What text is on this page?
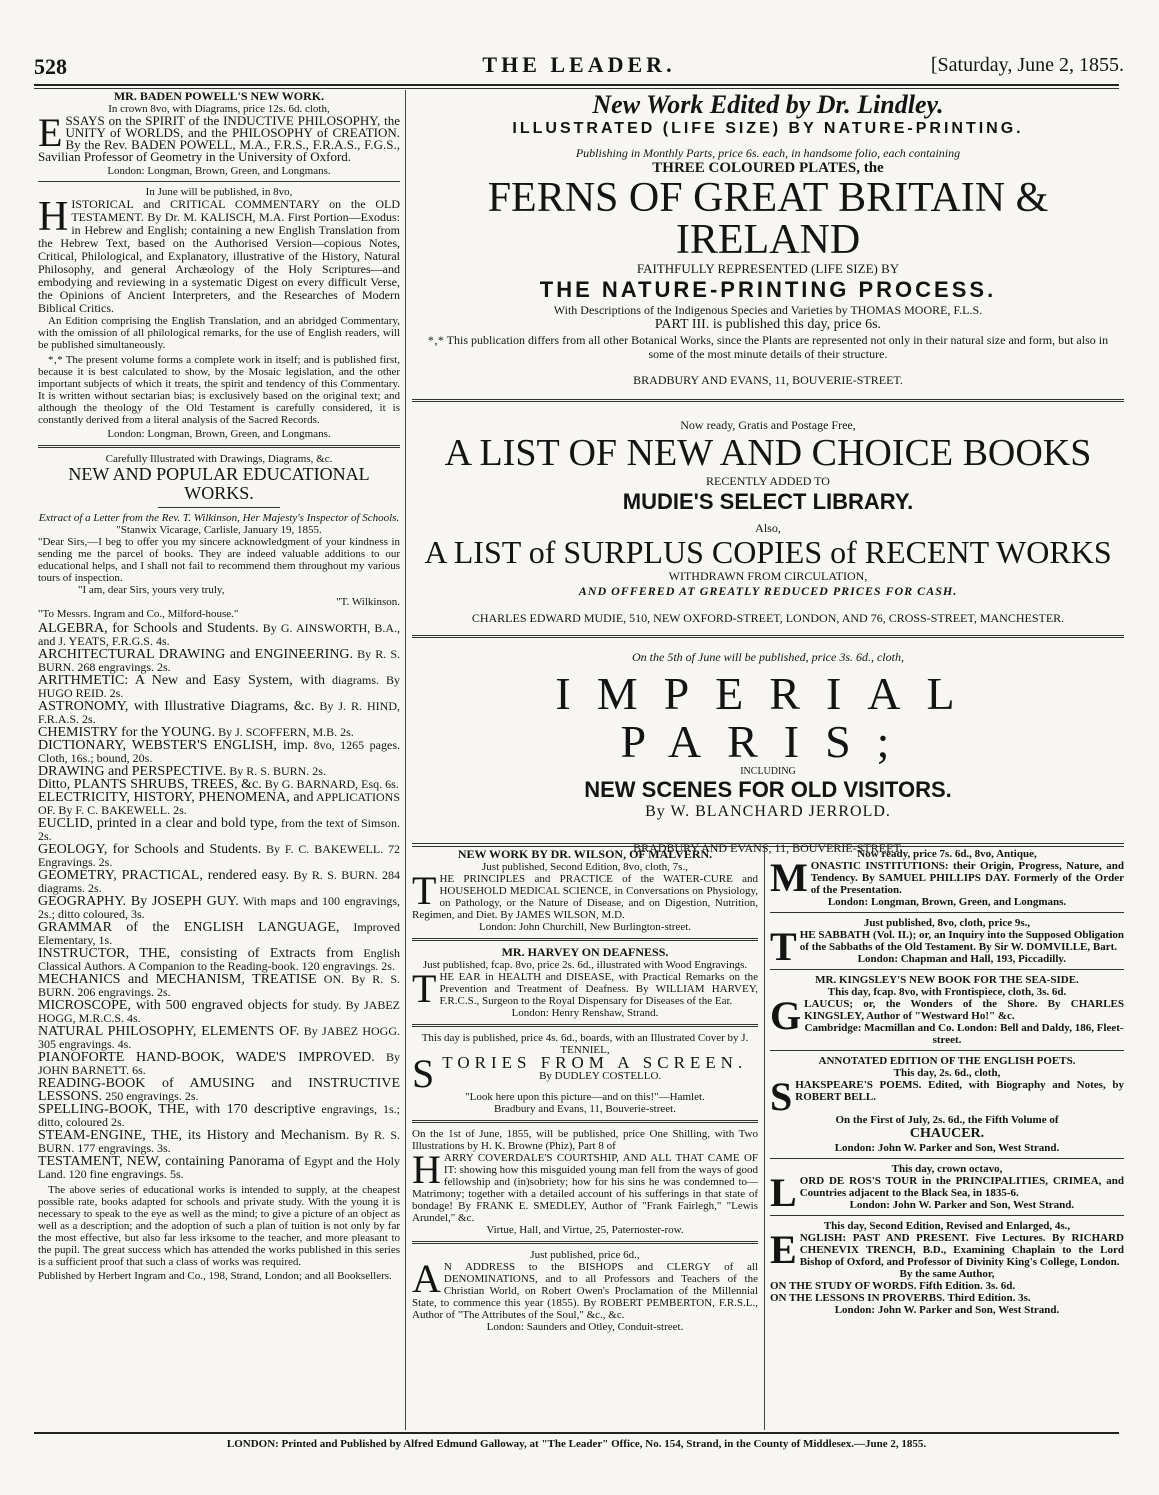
528	THE LEADER.	[Saturday, June 2, 1855.

MR. BADEN POWELL'S NEW WORK.

In crown 8vo, with Diagrams, price 12s. 6d. cloth,

ESSAYS on the SPIRIT of the INDUCTIVE PHILOSOPHY, the UNITY of WORLDS, and the PHILOSOPHY of CREATION. By the Rev. BADEN POWELL, M.A., F.R.S., F.R.A.S., F.G.S., Savilian Professor of Geometry in the University of Oxford.

London: Longman, Brown, Green, and Longmans.

In June will be published, in 8vo,

HISTORICAL and CRITICAL COMMENTARY on the OLD TESTAMENT. By Dr. M. KALISCH, M.A. First Portion—Exodus: in Hebrew and English; containing a new English Translation from the Hebrew Text, based on the Authorised Version—copious Notes, Critical, Philological, and Explanatory, illustrative of the History, Natural Philosophy, and general Archæology of the Holy Scriptures—and embodying and reviewing in a systematic Digest on every difficult Verse, the Opinions of Ancient Interpreters, and the Researches of Modern Biblical Critics.

An Edition comprising the English Translation, and an abridged Commentary, with the omission of all philological remarks, for the use of English readers, will be published simultaneously.

*‚* The present volume forms a complete work in itself; and is published first, because it is best calculated to show, by the Mosaic legislation, and the other important subjects of which it treats, the spirit and tendency of this Commentary. It is written without sectarian bias; is exclusively based on the original text; and although the theology of the Old Testament is carefully considered, it is constantly derived from a literal analysis of the Sacred Records.

London: Longman, Brown, Green, and Longmans.

Carefully Illustrated with Drawings, Diagrams, &c.

NEW AND POPULAR EDUCATIONAL WORKS.

Extract of a Letter from the Rev. T. Wilkinson, Her Majesty's Inspector of Schools.

"Stanwix Vicarage, Carlisle, January 19, 1855.

"Dear Sirs,—I beg to offer you my sincere acknowledgment of your kindness in sending me the parcel of books. They are indeed valuable additions to our educational helps, and I shall not fail to recommend them throughout my various tours of inspection.

"I am, dear Sirs, yours very truly,

"T. Wilkinson.

"To Messrs. Ingram and Co., Milford-house."

ALGEBRA, for Schools and Students. By G. AINSWORTH, B.A., and J. YEATS, F.R.G.S. 4s.

ARCHITECTURAL DRAWING and ENGINEERING. By R. S. BURN. 268 engravings. 2s.

ARITHMETIC: A New and Easy System, with diagrams. By HUGO REID. 2s.

ASTRONOMY, with Illustrative Diagrams, &c. By J. R. HIND, F.R.A.S. 2s.

CHEMISTRY for the YOUNG. By J. SCOFFERN, M.B. 2s.

DICTIONARY, WEBSTER'S ENGLISH, imp. 8vo, 1265 pages. Cloth, 16s.; bound, 20s.

DRAWING and PERSPECTIVE. By R. S. BURN. 2s.

Ditto, PLANTS SHRUBS, TREES, &c. By G. BARNARD, Esq. 6s.

ELECTRICITY, HISTORY, PHENOMENA, and APPLICATIONS OF. By F. C. BAKEWELL. 2s.

EUCLID, printed in a clear and bold type, from the text of Simson. 2s.

GEOLOGY, for Schools and Students. By F. C. BAKEWELL. 72 Engravings. 2s.

GEOMETRY, PRACTICAL, rendered easy. By R. S. BURN. 284 diagrams. 2s.

GEOGRAPHY. By JOSEPH GUY. With maps and 100 engravings, 2s.; ditto coloured, 3s.

GRAMMAR of the ENGLISH LANGUAGE, Improved Elementary, 1s.

INSTRUCTOR, THE, consisting of Extracts from English Classical Authors. A Companion to the Reading-book. 120 engravings. 2s.

MECHANICS and MECHANISM, TREATISE ON. By R. S. BURN. 206 engravings. 2s.

MICROSCOPE, with 500 engraved objects for study. By JABEZ HOGG, M.R.C.S. 4s.

NATURAL PHILOSOPHY, ELEMENTS OF. By JABEZ HOGG. 305 engravings. 4s.

PIANOFORTE HAND-BOOK, WADE'S IMPROVED. By JOHN BARNETT. 6s.

READING-BOOK of AMUSING and INSTRUCTIVE LESSONS. 250 engravings. 2s.

SPELLING-BOOK, THE, with 170 descriptive engravings, 1s.; ditto, coloured 2s.

STEAM-ENGINE, THE, its History and Mechanism. By R. S. BURN. 177 engravings. 3s.

TESTAMENT, NEW, containing Panorama of Egypt and the Holy Land. 120 fine engravings. 5s.

The above series of educational works is intended to supply, at the cheapest possible rate, books adapted for schools and private study. With the young it is necessary to speak to the eye as well as the mind; to give a picture of an object as well as a description; and the adoption of such a plan of tuition is not only by far the most effective, but also far less irksome to the teacher, and more pleasant to the pupil. The great success which has attended the works published in this series is a sufficient proof that such a class of works was required.

Published by Herbert Ingram and Co., 198, Strand, London; and all Booksellers.

New Work Edited by Dr. Lindley.

ILLUSTRATED (LIFE SIZE) BY NATURE-PRINTING.

Publishing in Monthly Parts, price 6s. each, in handsome folio, each containing

THREE COLOURED PLATES, the

FERNS OF GREAT BRITAIN & IRELAND

FAITHFULLY REPRESENTED (LIFE SIZE) BY

THE NATURE-PRINTING PROCESS.

With Descriptions of the Indigenous Species and Varieties by THOMAS MOORE, F.L.S.

PART III. is published this day, price 6s.

*‚* This publication differs from all other Botanical Works, since the Plants are represented not only in their natural size and form, but also in some of the most minute details of their structure.

BRADBURY AND EVANS, 11, BOUVERIE-STREET.

Now ready, Gratis and Postage Free,

A LIST OF NEW AND CHOICE BOOKS

RECENTLY ADDED TO

MUDIE'S SELECT LIBRARY.

Also,

A LIST of SURPLUS COPIES of RECENT WORKS

WITHDRAWN FROM CIRCULATION,

AND OFFERED AT GREATLY REDUCED PRICES FOR CASH.

CHARLES EDWARD MUDIE, 510, NEW OXFORD-STREET, LONDON, AND 76, CROSS-STREET, MANCHESTER.

On the 5th of June will be published, price 3s. 6d., cloth,

IMPERIAL PARIS;

INCLUDING

NEW SCENES FOR OLD VISITORS.

By W. BLANCHARD JERROLD.

BRADBURY AND EVANS, 11, BOUVERIE-STREET.

NEW WORK BY DR. WILSON, OF MALVERN.

Just published, Second Edition, 8vo, cloth, 7s.,

THE PRINCIPLES and PRACTICE of the WATER-CURE and HOUSEHOLD MEDICAL SCIENCE, in Conversations on Physiology, on Pathology, or the Nature of Disease, and on Digestion, Nutrition, Regimen, and Diet. By JAMES WILSON, M.D.

London: John Churchill, New Burlington-street.

MR. HARVEY ON DEAFNESS.

Just published, fcap. 8vo, price 2s. 6d., illustrated with Wood Engravings.

THE EAR in HEALTH and DISEASE, with Practical Remarks on the Prevention and Treatment of Deafness. By WILLIAM HARVEY, F.R.C.S., Surgeon to the Royal Dispensary for Diseases of the Ear.

London: Henry Renshaw, Strand.

This day is published, price 4s. 6d., boards, with an Illustrated Cover by J. TENNIEL,

STORIES FROM A SCREEN.

By DUDLEY COSTELLO.

"Look here upon this picture—and on this!"—Hamlet.

Bradbury and Evans, 11, Bouverie-street.

On the 1st of June, 1855, will be published, price One Shilling, with Two Illustrations by H. K. Browne (Phiz), Part 8 of

HARRY COVERDALE'S COURTSHIP, AND ALL THAT CAME OF IT: showing how this misguided young man fell from the ways of good fellowship and (in)sobriety; how for his sins he was condemned to—Matrimony; together with a detailed account of his sufferings in that state of bondage! By FRANK E. SMEDLEY, Author of "Frank Fairlegh," "Lewis Arundel," &c.

Virtue, Hall, and Virtue, 25, Paternoster-row.

Just published, price 6d.,

A N ADDRESS to the BISHOPS and CLERGY of all DENOMINATIONS, and to all Professors and Teachers of the Christian World, on Robert Owen's Proclamation of the Millennial State, to commence this year (1855). By ROBERT PEMBERTON, F.R.S.L., Author of "The Attributes of the Soul," &c., &c.

London: Saunders and Otley, Conduit-street.

Now ready, price 7s. 6d., 8vo, Antique,

MONASTIC INSTITUTIONS: their Origin, Progress, Nature, and Tendency. By SAMUEL PHILLIPS DAY. Formerly of the Order of the Presentation.

London: Longman, Brown, Green, and Longmans.

Just published, 8vo, cloth, price 9s.,

THE SABBATH (Vol. II.); or, an Inquiry into the Supposed Obligation of the Sabbaths of the Old Testament. By Sir W. DOMVILLE, Bart.

London: Chapman and Hall, 193, Piccadilly.

MR. KINGSLEY'S NEW BOOK FOR THE SEA-SIDE.

This day, fcap. 8vo, with Frontispiece, cloth, 3s. 6d.

GLAUCUS; or, the Wonders of the Shore. By CHARLES KINGSLEY, Author of "Westward Ho!" &c.

Cambridge: Macmillan and Co. London: Bell and Daldy, 186, Fleet-street.

ANNOTATED EDITION OF THE ENGLISH POETS.

This day, 2s. 6d., cloth,

SHAKSPEARE'S POEMS. Edited, with Biography and Notes, by ROBERT BELL.

On the First of July, 2s. 6d., the Fifth Volume of

CHAUCER.

London: John W. Parker and Son, West Strand.

This day, crown octavo,

LORD DE ROS'S TOUR in the PRINCIPALITIES, CRIMEA, and Countries adjacent to the Black Sea, in 1835-6.

London: John W. Parker and Son, West Strand.

This day, Second Edition, Revised and Enlarged, 4s.,

ENGLISH: PAST AND PRESENT. Five Lectures. By RICHARD CHENEVIX TRENCH, B.D., Examining Chaplain to the Lord Bishop of Oxford, and Professor of Divinity King's College, London.

By the same Author,

ON THE STUDY OF WORDS. Fifth Edition. 3s. 6d.

ON THE LESSONS IN PROVERBS. Third Edition. 3s.

London: John W. Parker and Son, West Strand.

LONDON: Printed and Published by Alfred Edmund Galloway, at "The Leader" Office, No. 154, Strand, in the County of Middlesex.—June 2, 1855.
